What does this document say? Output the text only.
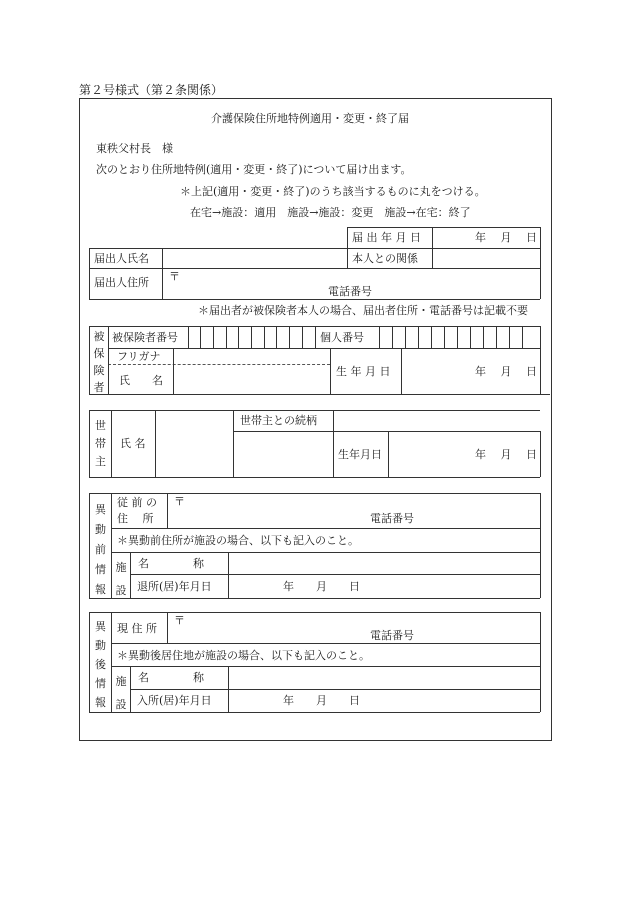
第２号様式（第２条関係）
介護保険住所地特例適用・変更・終了届
東秩父村長　様
次のとおり住所地特例(適用・変更・終了)について届け出ます。
＊上記(適用・変更・終了)のうち該当するものに丸をつける。
在宅→施設：適用　施設→施設：変更　施設→在宅：終了
届 出 年 月 日	年　 月　 日
届出人氏名	本人との関係
届出人住所 〒
電話番号
＊届出者が被保険者本人の場合、届出者住所・電話番号は記載不要
被保険者
被保険者番号	個人番号
フリガナ
氏　　名
生 年 月 日	年　 月　 日
世帯主
氏 名
世帯主との続柄
生年月日	年　 月　 日
異動前情報
従 前 の
住　 所
〒
電話番号
＊異動前住所が施設の場合、以下も記入のこと。
施設
名　　　　称
退所(居)年月日	年　　月　　日
異動後情報
現 住 所
〒
電話番号
＊異動後居住地が施設の場合、以下も記入のこと。
施設
名　　　　称
入所(居)年月日	年　　月　　日
